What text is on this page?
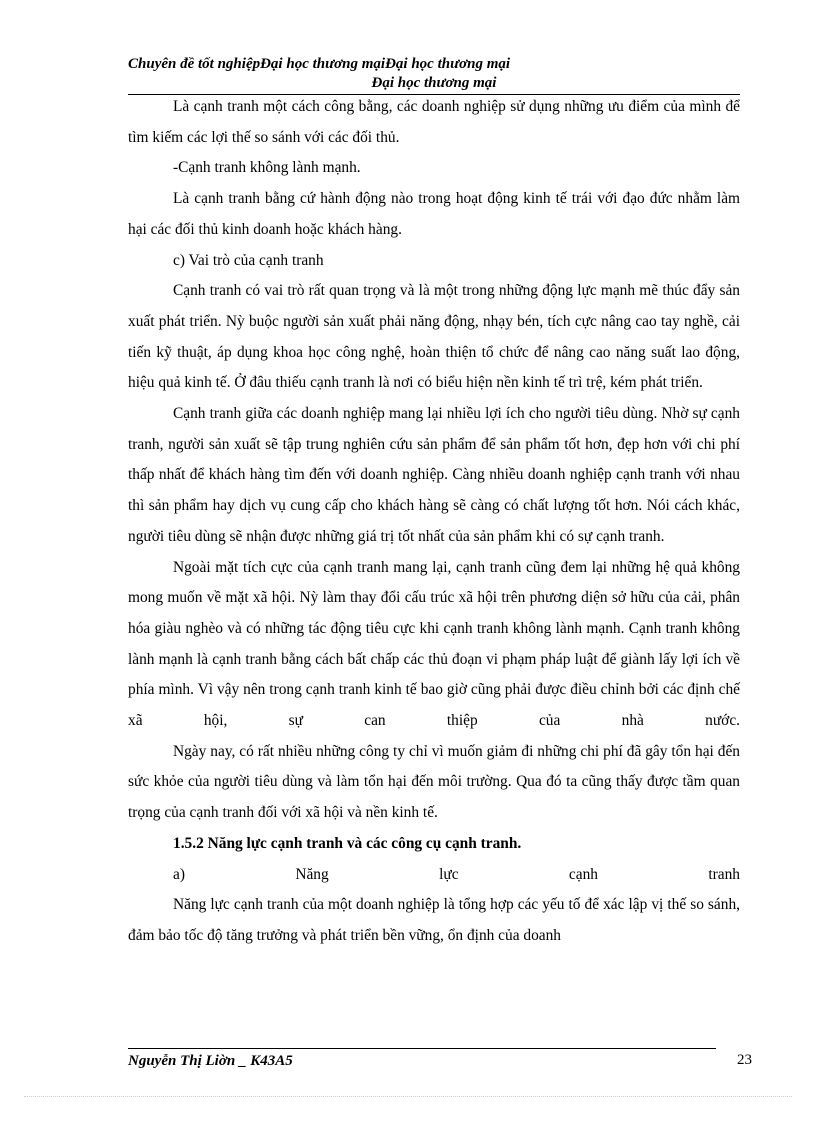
Chuyên đề tốt nghiệpĐại học thương mạiĐại học thương mại
Đại học thương mại

Là cạnh tranh một cách công bằng, các doanh nghiệp sử dụng những ưu điểm của mình để tìm kiếm các lợi thế so sánh với các đối thủ.

-Cạnh tranh không lành mạnh.

Là cạnh tranh bằng cứ hành động nào trong hoạt động kinh tế trái với đạo đức nhằm làm hại các đối thủ kinh doanh hoặc khách hàng.

c) Vai trò của cạnh tranh

Cạnh tranh có vai trò rất quan trọng và là một trong những động lực mạnh mẽ thúc đẩy sản xuất phát triển. Nỳ buộc người sản xuất phải năng động, nhạy bén, tích cực nâng cao tay nghề, cải tiến kỹ thuật, áp dụng khoa học công nghệ, hoàn thiện tổ chức để nâng cao năng suất lao động, hiệu quả kinh tế. Ở đâu thiếu cạnh tranh là nơi có biểu hiện nền kinh tế trì trệ, kém phát triển.

Cạnh tranh giữa các doanh nghiệp mang lại nhiều lợi ích cho người tiêu dùng. Nhờ sự cạnh tranh, người sản xuất sẽ tập trung nghiên cứu sản phẩm để sản phẩm tốt hơn, đẹp hơn với chi phí thấp nhất để khách hàng tìm đến với doanh nghiệp. Càng nhiều doanh nghiệp cạnh tranh với nhau thì sản phẩm hay dịch vụ cung cấp cho khách hàng sẽ càng có chất lượng tốt hơn. Nói cách khác, người tiêu dùng sẽ nhận được những giá trị tốt nhất của sản phẩm khi có sự cạnh tranh.

Ngoài mặt tích cực của cạnh tranh mang lại, cạnh tranh cũng đem lại những hệ quả không mong muốn về mặt xã hội. Nỳ làm thay đổi cấu trúc xã hội trên phương diện sở hữu của cải, phân hóa giàu nghèo và có những tác động tiêu cực khi cạnh tranh không lành mạnh. Cạnh tranh không lành mạnh là cạnh tranh bằng cách bất chấp các thủ đoạn vi phạm pháp luật để giành lấy lợi ích về phía mình. Vì vậy nên trong cạnh tranh kinh tế bao giờ cũng phải được điều chỉnh bởi các định chế xã hội, sự can thiệp của nhà nước.

Ngày nay, có rất nhiều những công ty chỉ vì muốn giảm đi những chi phí đã gây tổn hại đến sức khỏe của người tiêu dùng và làm tổn hại đến môi trường. Qua đó ta cũng thấy được tầm quan trọng của cạnh tranh đối với xã hội và nền kinh tế.

1.5.2 Năng lực cạnh tranh và các công cụ cạnh tranh.

a) Năng lực cạnh tranh

Năng lực cạnh tranh của một doanh nghiệp là tổng hợp các yếu tố để xác lập vị thế so sánh, đảm bảo tốc độ tăng trưởng và phát triển bền vững, ổn định của doanh

Nguyễn Thị Liờn _ K43A5	23
